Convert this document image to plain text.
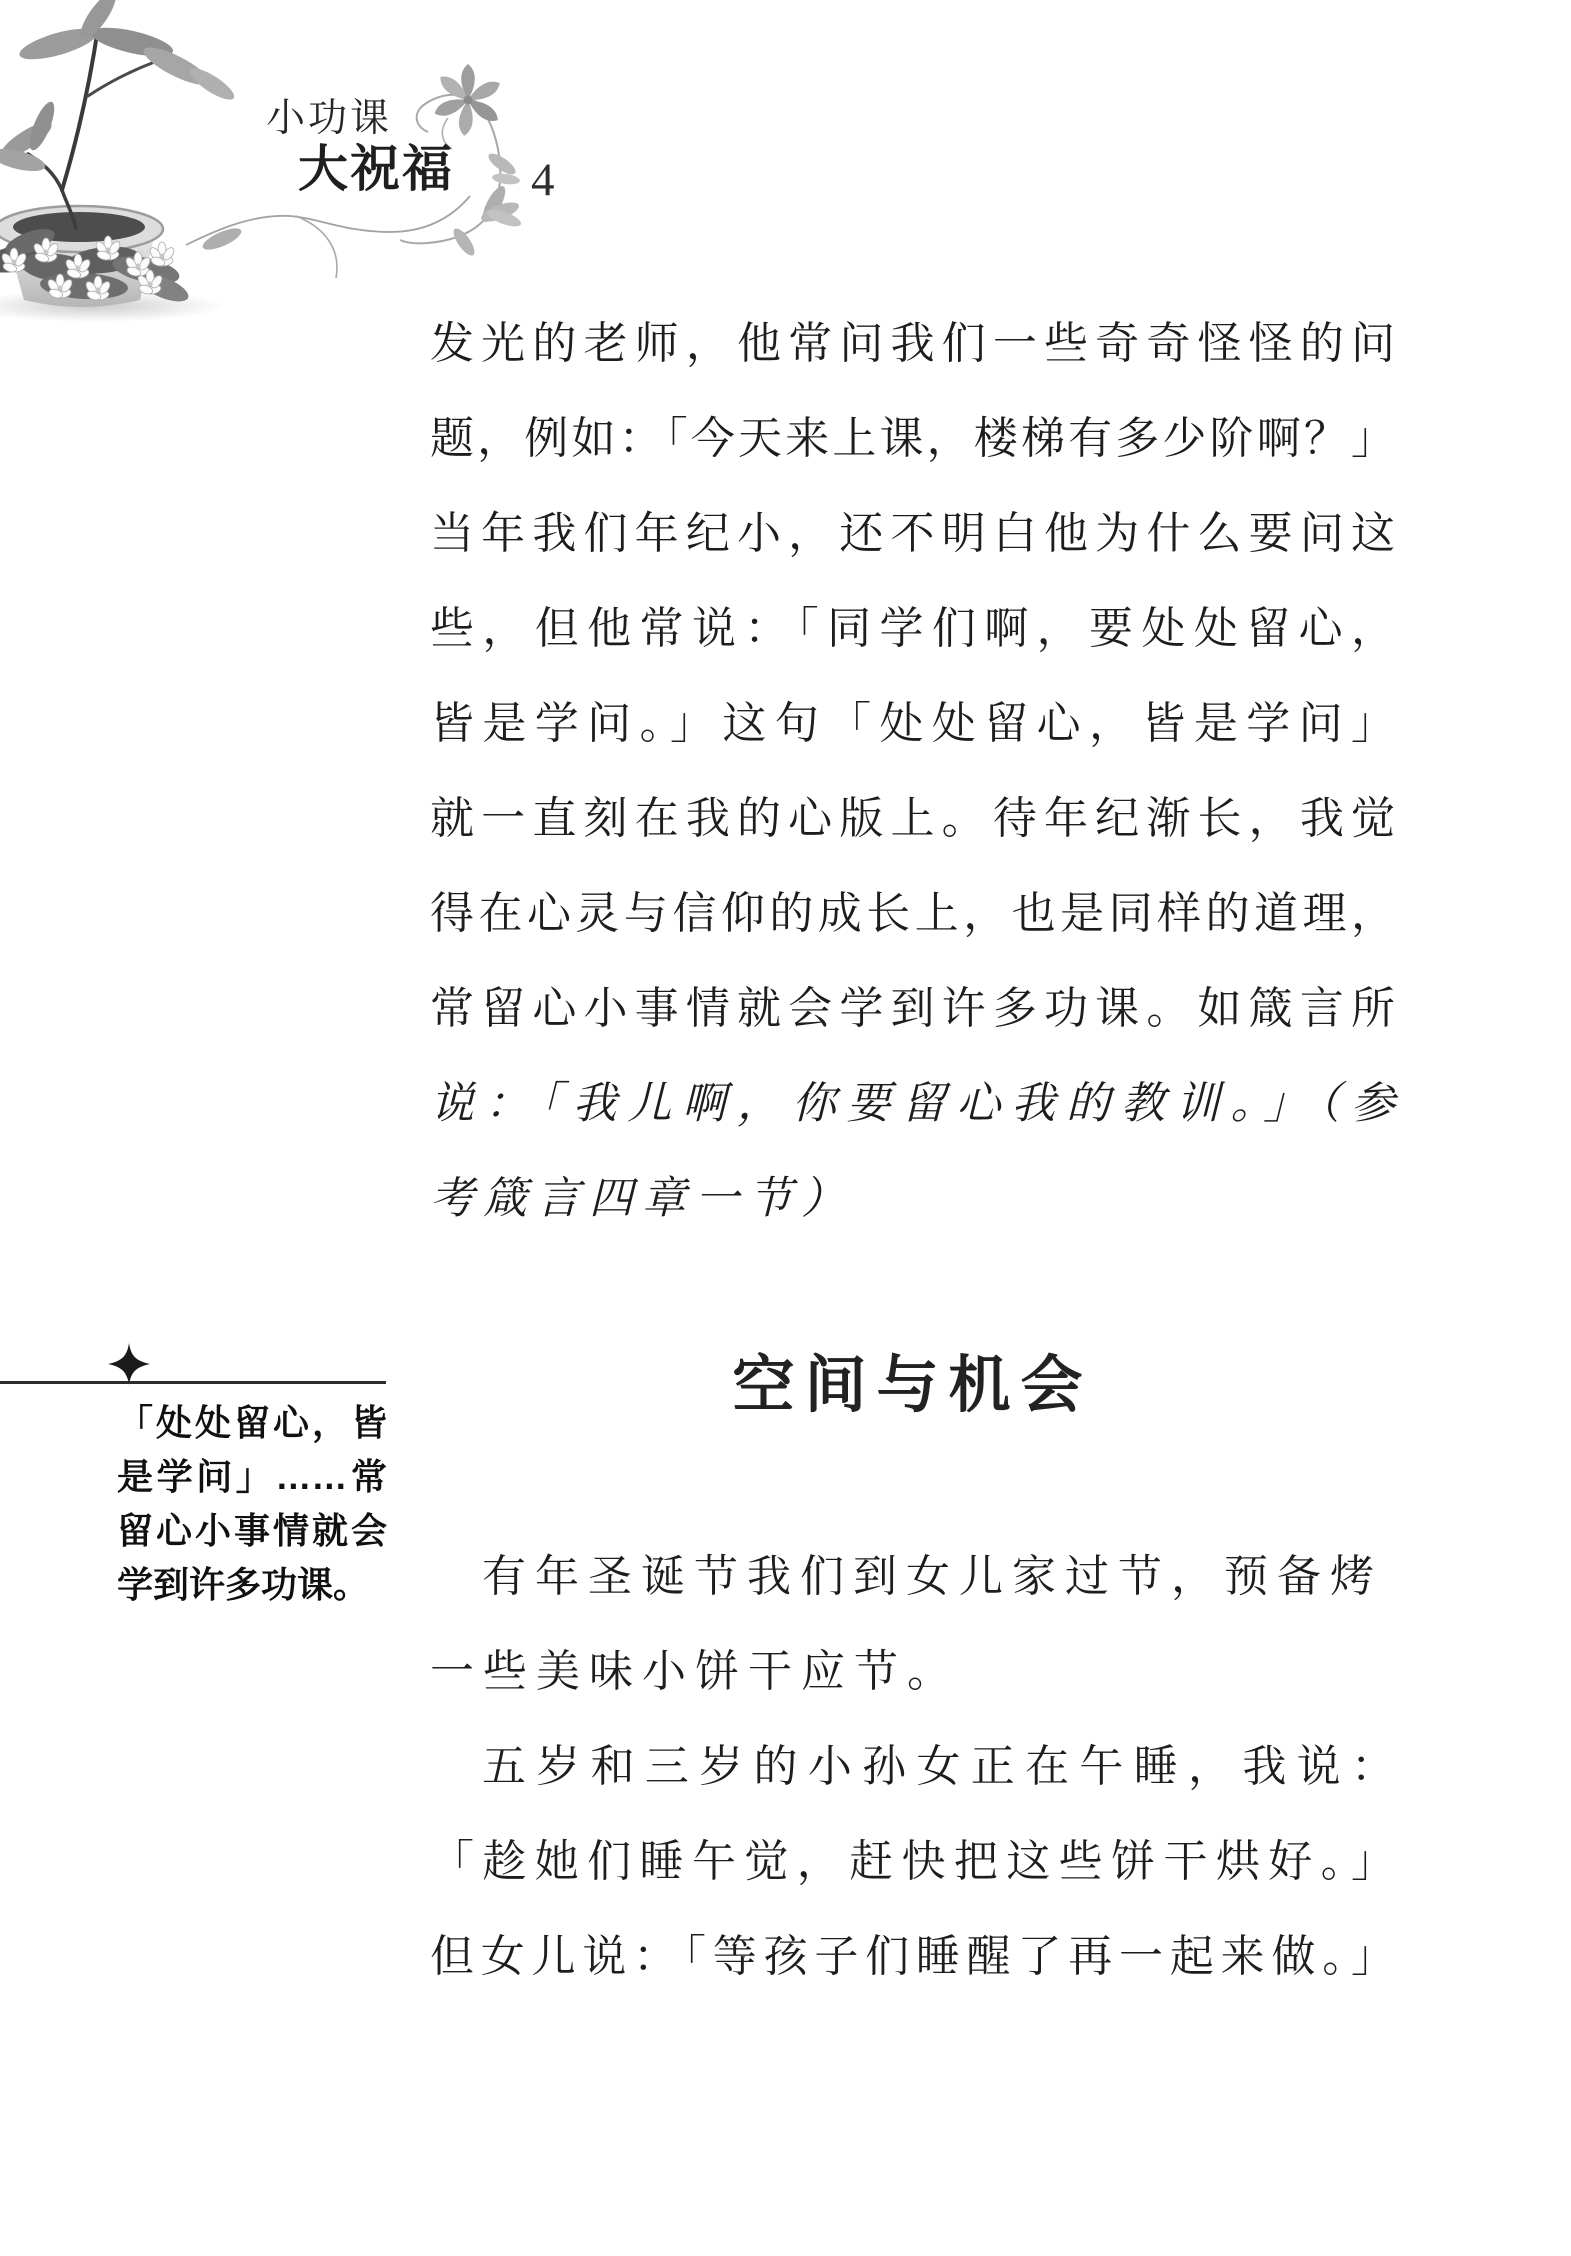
小功课
大祝福 4
发光的老师，他常问我们一些奇奇怪怪的问
题，例如：「今天来上课，楼梯有多少阶啊？」
当年我们年纪小，还不明白他为什么要问这
些，但他常说：「同学们啊，要处处留心，
皆是学问。」这句「处处留心，皆是学问」
就一直刻在我的心版上。待年纪渐长，我觉
得在心灵与信仰的成长上，也是同样的道理，
常留心小事情就会学到许多功课。如箴言所
说：「我儿啊，你要留心我的教训。」（参
考箴言四章一节）
「处处留心，皆
是学问」……常
留心小事情就会
学到许多功课。
空间与机会
有年圣诞节我们到女儿家过节，预备烤
一些美味小饼干应节。
五岁和三岁的小孙女正在午睡，我说：
「趁她们睡午觉，赶快把这些饼干烘好。」
但女儿说：「等孩子们睡醒了再一起来做。」
